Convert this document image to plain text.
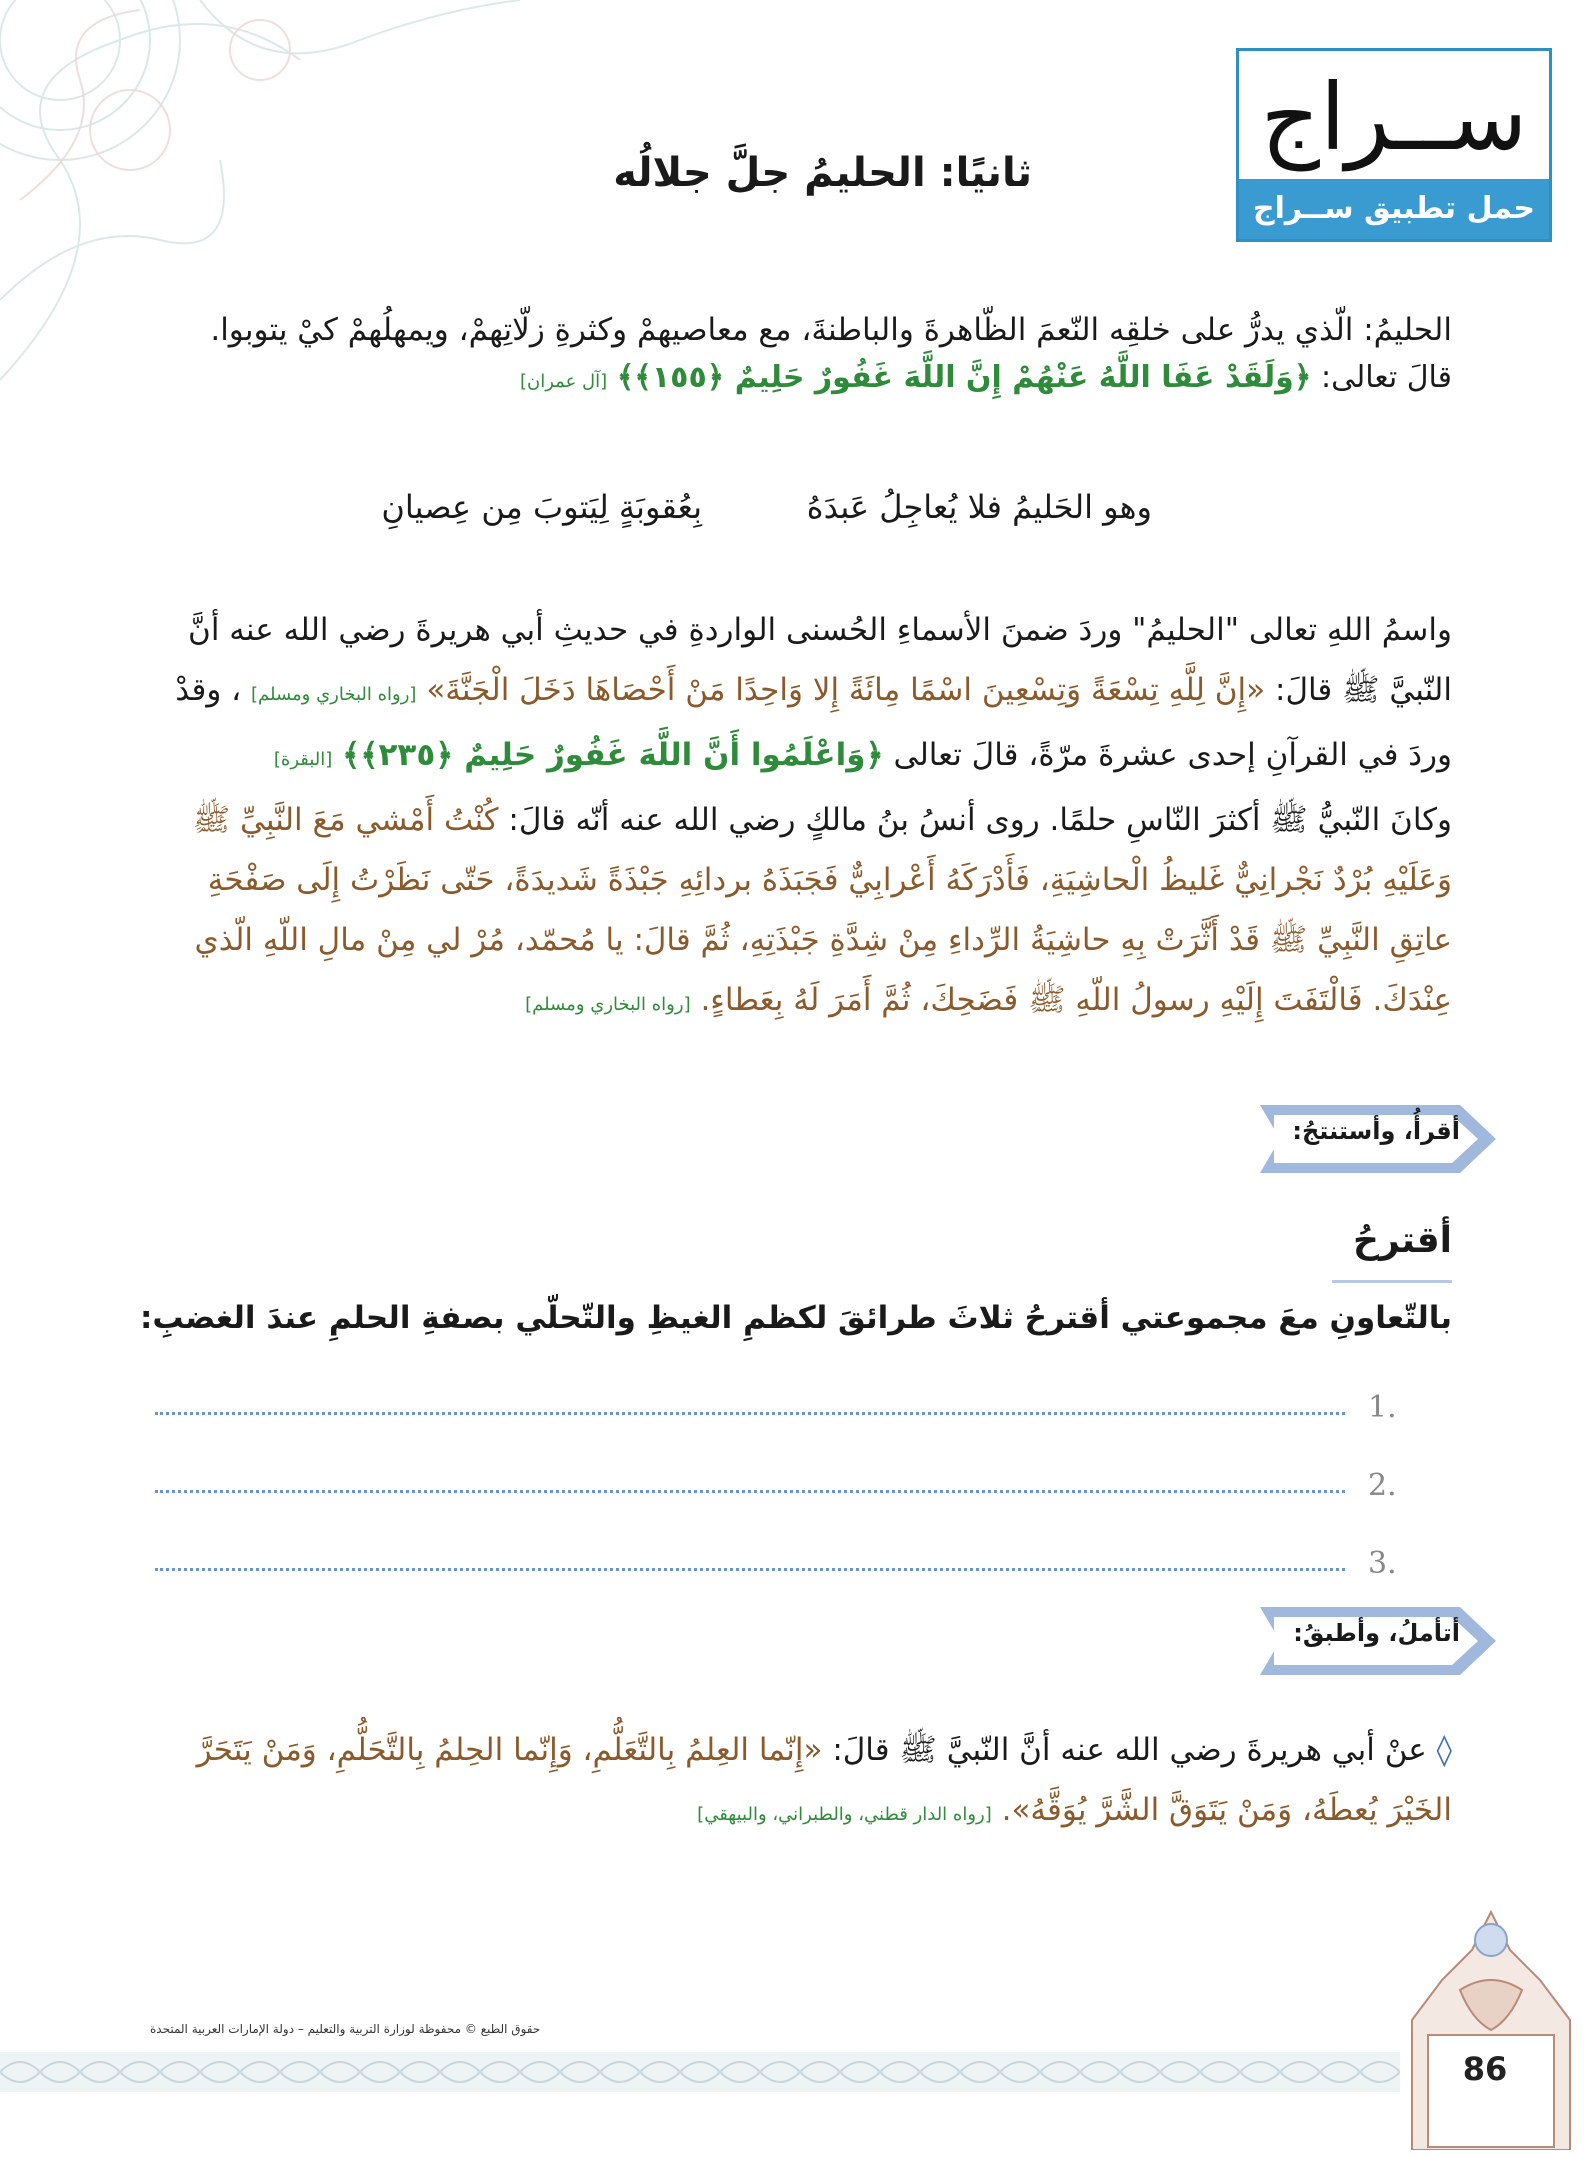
ســراج
حمل تطبيق ســراج
ثانيًا: الحليمُ جلَّ جلالُه
الحليمُ: الّذي يدرُّ على خلقِه النّعمَ الظّاهرةَ والباطنةَ، مع معاصيهمْ وكثرةِ زلّاتِهمْ، ويمهلُهمْ كيْ يتوبوا.
قالَ تعالى: ﴿وَلَقَدْ عَفَا اللَّهُ عَنْهُمْ إِنَّ اللَّهَ غَفُورٌ حَلِيمٌ ﴿١٥٥﴾﴾ [آل عمران]
وهو الحَليمُ فلا يُعاجِلُ عَبدَهُ
بِعُقوبَةٍ لِيَتوبَ مِن عِصيانِ
واسمُ اللهِ تعالى "الحليمُ" وردَ ضمنَ الأسماءِ الحُسنى الواردةِ في حديثِ أبي هريرةَ رضي الله عنه أنَّ النّبيَّ ﷺ قالَ: «إِنَّ لِلَّهِ تِسْعَةً وَتِسْعِينَ اسْمًا مِائَةً إِلا وَاحِدًا مَنْ أَحْصَاهَا دَخَلَ الْجَنَّةَ» [رواه البخاري ومسلم] ، وقدْ وردَ في القرآنِ إحدى عشرةَ مرّةً، قالَ تعالى ﴿وَاعْلَمُوا أَنَّ اللَّهَ غَفُورٌ حَلِيمٌ ﴿٢٣٥﴾﴾ [البقرة]
وكانَ النّبيُّ ﷺ أكثرَ النّاسِ حلمًا. روى أنسُ بنُ مالكٍ رضي الله عنه أنّه قالَ: كُنْتُ أَمْشي مَعَ النَّبِيِّ ﷺ وَعَلَيْهِ بُرْدٌ نَجْرانِيٌّ غَليظُ الْحاشِيَةِ، فَأَدْرَكَهُ أَعْرابِيٌّ فَجَبَذَهُ بردائِهِ جَبْذَةً شَديدَةً، حَتّى نَظَرْتُ إِلَى صَفْحَةِ عاتِقِ النَّبِيِّ ﷺ قَدْ أَثَّرَتْ بِهِ حاشِيَةُ الرِّداءِ مِنْ شِدَّةِ جَبْذَتِهِ، ثُمَّ قالَ: يا مُحمّد، مُرْ لي مِنْ مالِ اللّهِ الّذي عِنْدَكَ. فَالْتَفَتَ إِلَيْهِ رسولُ اللّهِ ﷺ فَضَحِكَ، ثُمَّ أَمَرَ لَهُ بِعَطاءٍ. [رواه البخاري ومسلم]
أقرأُ، وأستنتجُ:
أقترحُ
بالتّعاونِ معَ مجموعتي أقترحُ ثلاثَ طرائقَ لكظمِ الغيظِ والتّحلّي بصفةِ الحلمِ عندَ الغضبِ:
1.
2.
3.
أتأملُ، وأطبقُ:
◊ عنْ أبي هريرةَ رضي الله عنه أنَّ النّبيَّ ﷺ قالَ: «إِنّما العِلمُ بِالتَّعَلُّمِ، وَإِنّما الحِلمُ بِالتَّحَلُّمِ، وَمَنْ يَتَحَرَّ الخَيْرَ يُعطَهُ، وَمَنْ يَتَوَقَّ الشَّرَّ يُوَقَّهُ». [رواه الدار قطني، والطبراني، والبيهقي]
حقوق الطبع © محفوظة لوزارة التربية والتعليم – دولة الإمارات العربية المتحدة
86
